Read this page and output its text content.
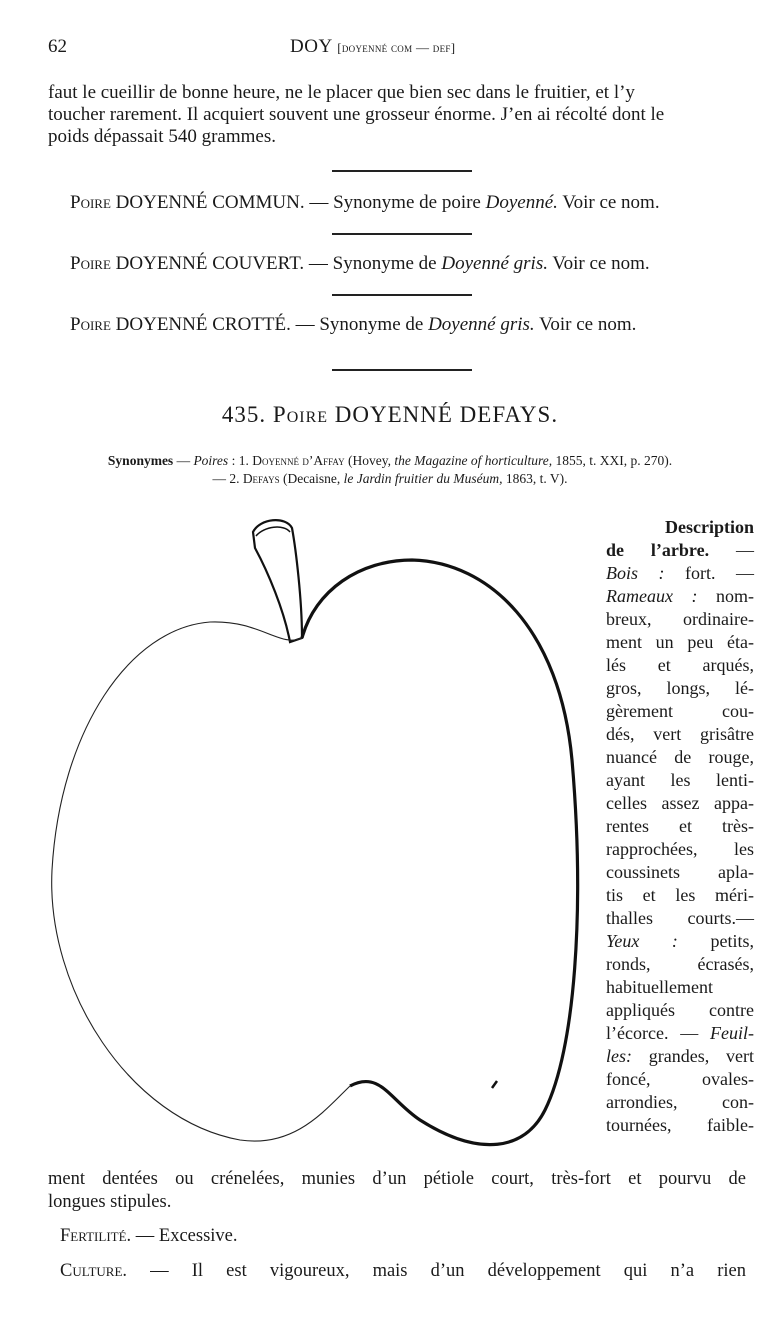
62	DOY [doyenné com — def]
faut le cueillir de bonne heure, ne le placer que bien sec dans le fruitier, et l’y
toucher rarement. Il acquiert souvent une grosseur énorme. J’en ai récolté dont le
poids dépassait 540 grammes.
Poire DOYENNÉ COMMUN. — Synonyme de poire Doyenné. Voir ce nom.
Poire DOYENNÉ COUVERT. — Synonyme de Doyenné gris. Voir ce nom.
Poire DOYENNÉ CROTTÉ. — Synonyme de Doyenné gris. Voir ce nom.
435. Poire DOYENNÉ DEFAYS.
Synonymes — Poires : 1. Doyenné d’Affay (Hovey, the Magazine of horticulture, 1855, t. XXI, p. 270).
— 2. Defays (Decaisne, le Jardin fruitier du Muséum, 1863, t. V).
Description
de l’arbre. —
Bois : fort. —
Rameaux : nom-
breux, ordinaire-
ment un peu éta-
lés et arqués,
gros, longs, lé-
gèrement cou-
dés, vert grisâtre
nuancé de rouge,
ayant les lenti-
celles assez appa-
rentes et très-
rapprochées, les
coussinets apla-
tis et les méri-
thalles courts.—
Yeux : petits,
ronds, écrasés,
habituellement
appliqués contre
l’écorce. — Feuil-
les: grandes, vert
foncé, ovales-
arrondies, con-
tournées, faible-
ment dentées ou crénelées, munies d’un pétiole court, très-fort et pourvu de
longues stipules.
Fertilité. — Excessive.
Culture. — Il est vigoureux, mais d’un développement qui n’a rien
